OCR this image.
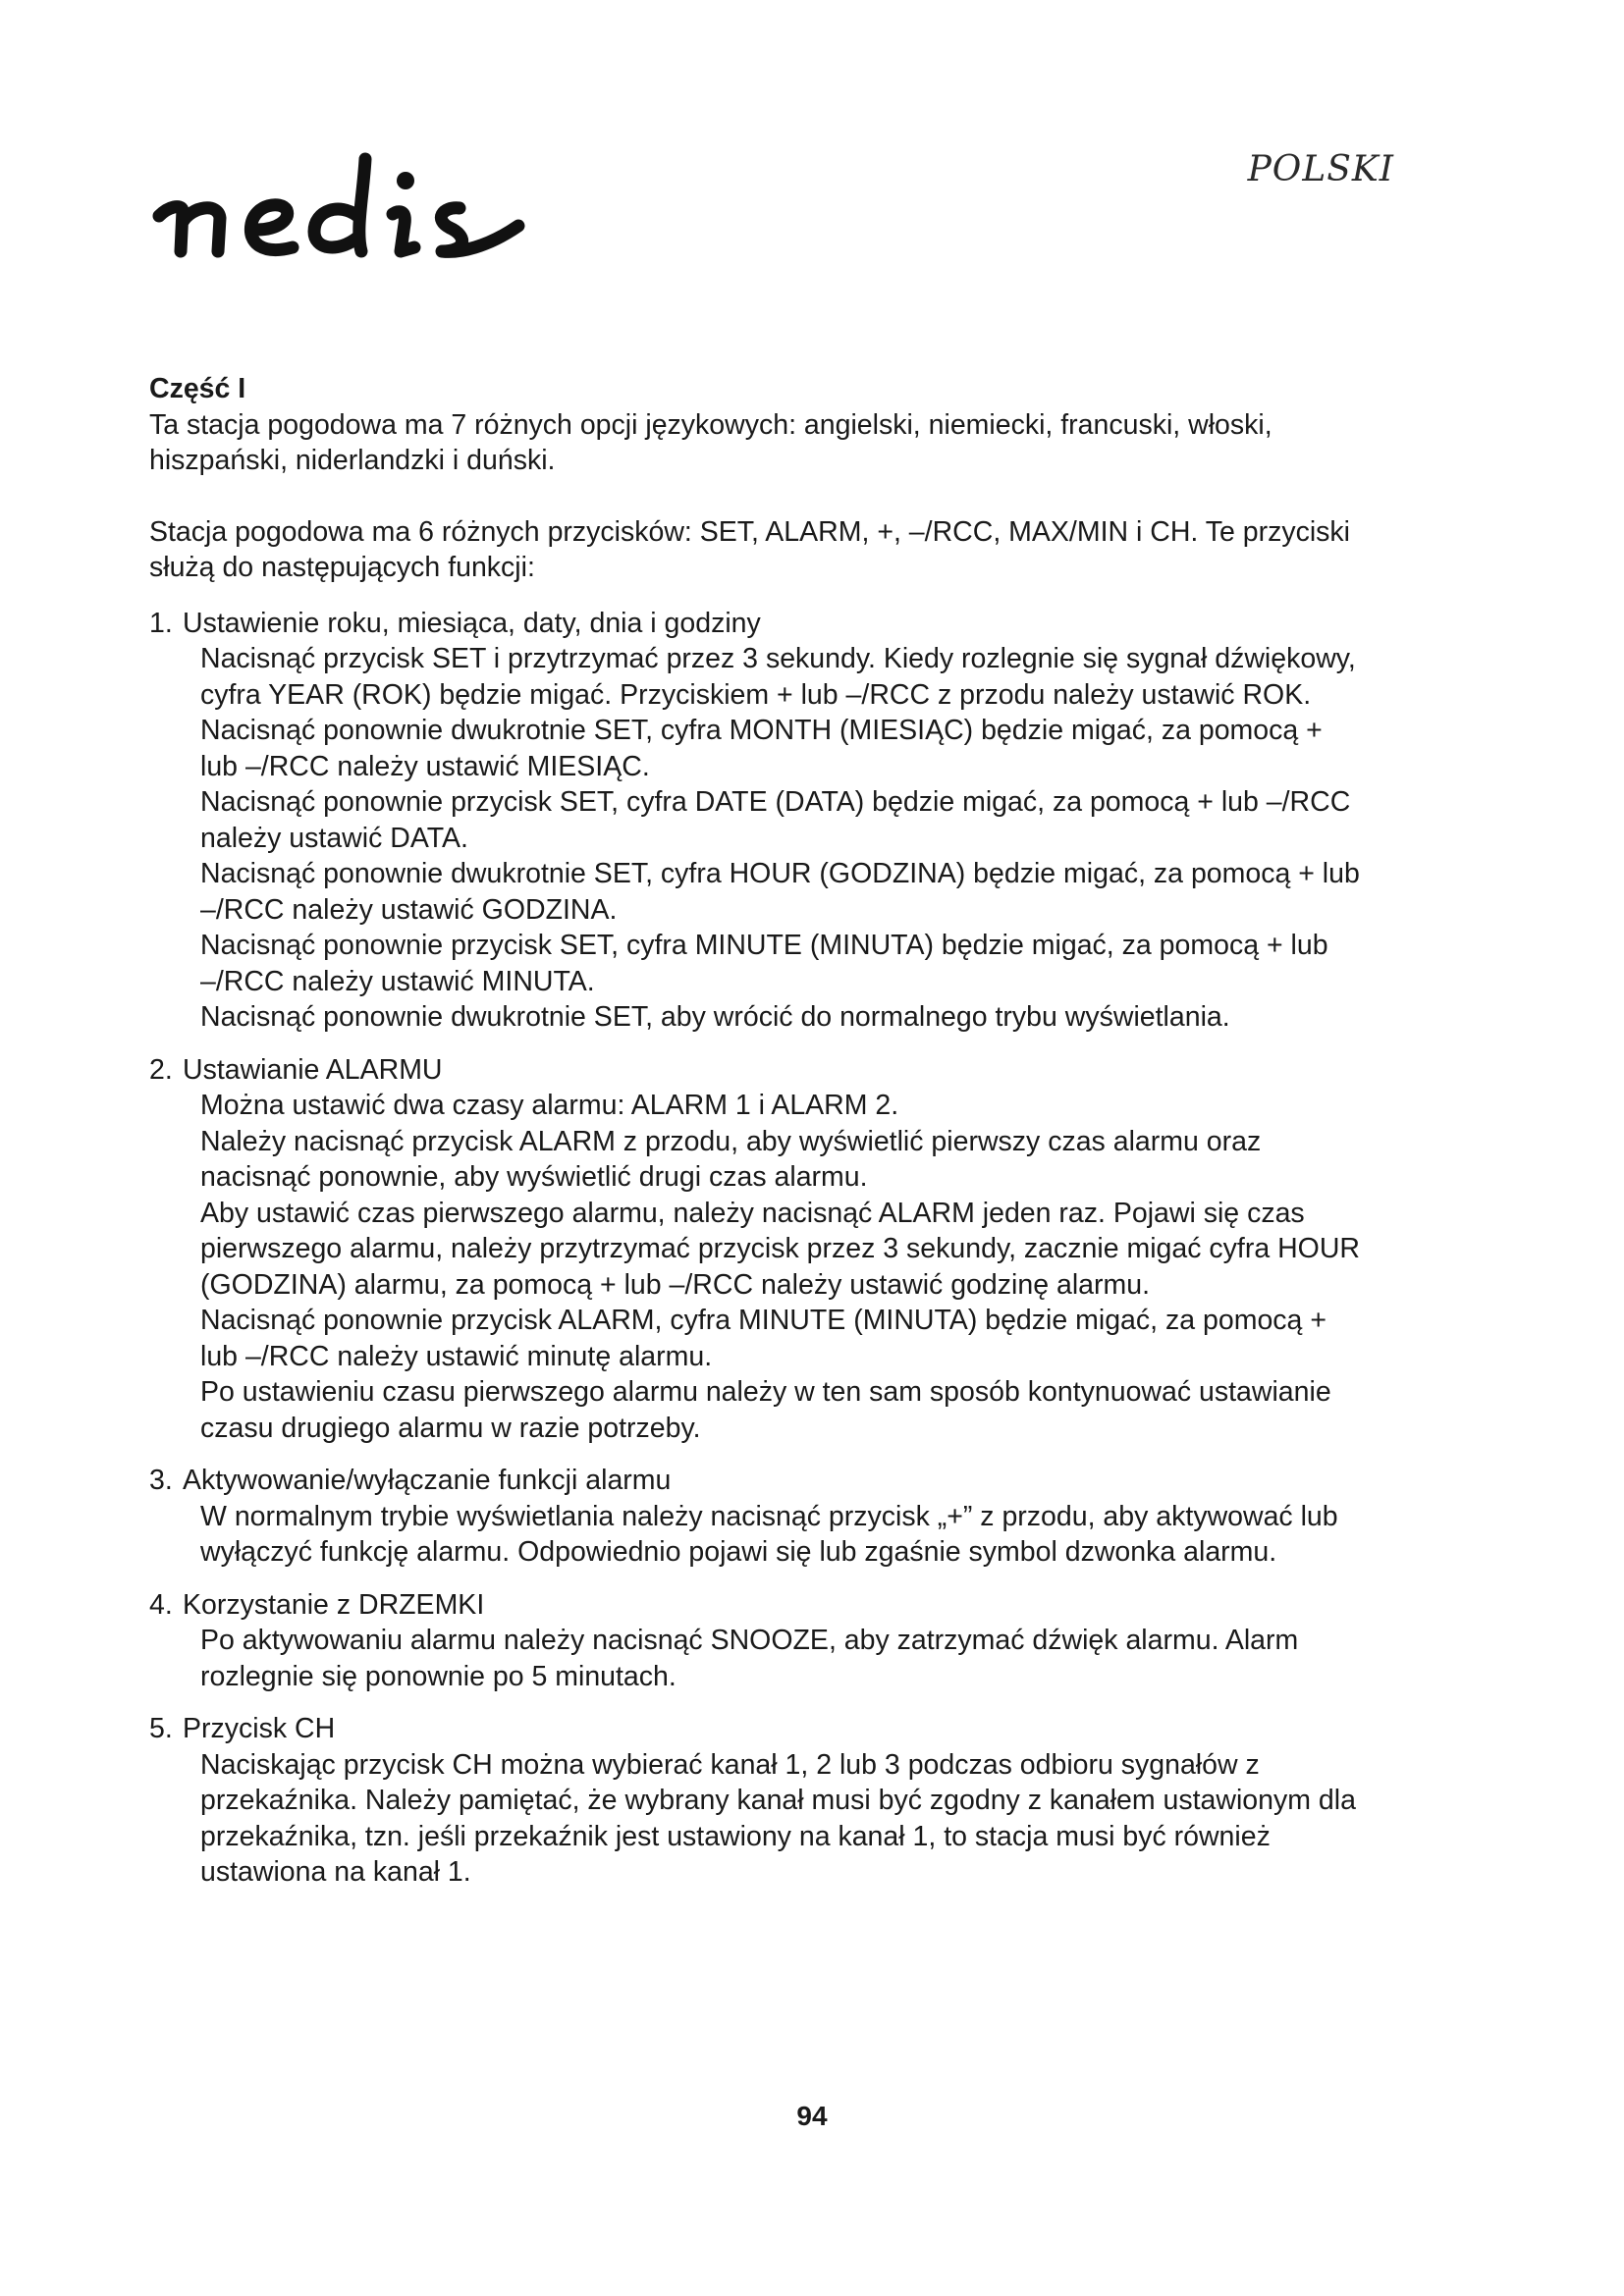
POLSKI

Część I

Ta stacja pogodowa ma 7 różnych opcji językowych: angielski, niemiecki, francuski, włoski, hiszpański, niderlandzki i duński.

Stacja pogodowa ma 6 różnych przycisków: SET, ALARM, +, –/RCC, MAX/MIN i CH. Te przyciski służą do następujących funkcji:

1. Ustawienie roku, miesiąca, daty, dnia i godziny
Nacisnąć przycisk SET i przytrzymać przez 3 sekundy. Kiedy rozlegnie się sygnał dźwiękowy, cyfra YEAR (ROK) będzie migać. Przyciskiem + lub –/RCC z przodu należy ustawić ROK.
Nacisnąć ponownie dwukrotnie SET, cyfra MONTH (MIESIĄC) będzie migać, za pomocą + lub –/RCC należy ustawić MIESIĄC.
Nacisnąć ponownie przycisk SET, cyfra DATE (DATA) będzie migać, za pomocą + lub –/RCC należy ustawić DATA.
Nacisnąć ponownie dwukrotnie SET, cyfra HOUR (GODZINA) będzie migać, za pomocą + lub –/RCC należy ustawić GODZINA.
Nacisnąć ponownie przycisk SET, cyfra MINUTE (MINUTA) będzie migać, za pomocą + lub –/RCC należy ustawić MINUTA.
Nacisnąć ponownie dwukrotnie SET, aby wrócić do normalnego trybu wyświetlania.
2. Ustawianie ALARMU
Można ustawić dwa czasy alarmu: ALARM 1 i ALARM 2.
Należy nacisnąć przycisk ALARM z przodu, aby wyświetlić pierwszy czas alarmu oraz nacisnąć ponownie, aby wyświetlić drugi czas alarmu.
Aby ustawić czas pierwszego alarmu, należy nacisnąć ALARM jeden raz. Pojawi się czas pierwszego alarmu, należy przytrzymać przycisk przez 3 sekundy, zacznie migać cyfra HOUR (GODZINA) alarmu, za pomocą + lub –/RCC należy ustawić godzinę alarmu.
Nacisnąć ponownie przycisk ALARM, cyfra MINUTE (MINUTA) będzie migać, za pomocą + lub –/RCC należy ustawić minutę alarmu.
Po ustawieniu czasu pierwszego alarmu należy w ten sam sposób kontynuować ustawianie czasu drugiego alarmu w razie potrzeby.
3. Aktywowanie/wyłączanie funkcji alarmu
W normalnym trybie wyświetlania należy nacisnąć przycisk „+” z przodu, aby aktywować lub wyłączyć funkcję alarmu. Odpowiednio pojawi się lub zgaśnie symbol dzwonka alarmu.
4. Korzystanie z DRZEMKI
Po aktywowaniu alarmu należy nacisnąć SNOOZE, aby zatrzymać dźwięk alarmu. Alarm rozlegnie się ponownie po 5 minutach.
5. Przycisk CH
Naciskając przycisk CH można wybierać kanał 1, 2 lub 3 podczas odbioru sygnałów z przekaźnika. Należy pamiętać, że wybrany kanał musi być zgodny z kanałem ustawionym dla przekaźnika, tzn. jeśli przekaźnik jest ustawiony na kanał 1, to stacja musi być również ustawiona na kanał 1.
94
